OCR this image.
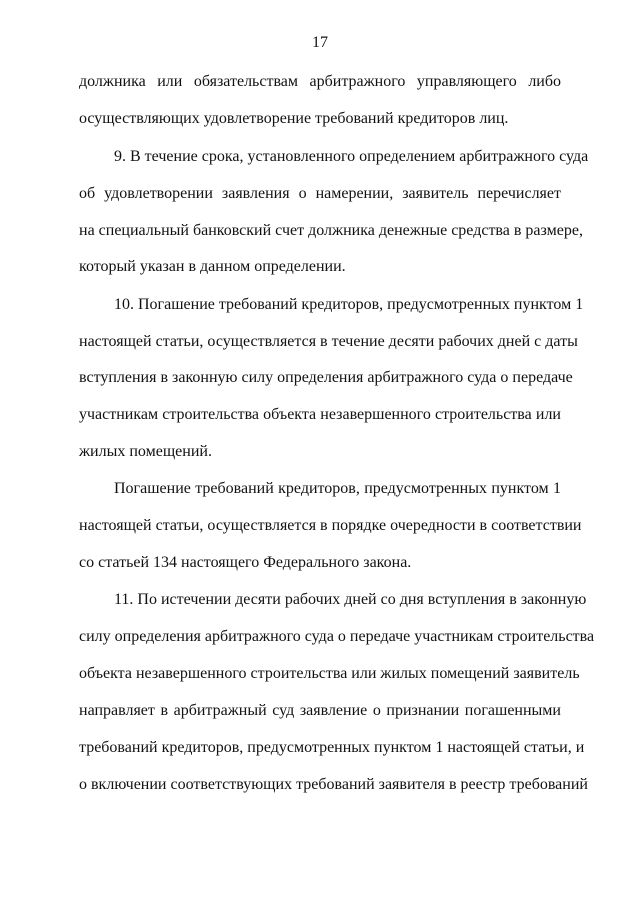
17
должника или обязательствам арбитражного управляющего либо
осуществляющих удовлетворение требований кредиторов лиц.
9. В течение срока, установленного определением арбитражного суда
об удовлетворении заявления о намерении, заявитель перечисляет
на специальный банковский счет должника денежные средства в размере,
который указан в данном определении.
10. Погашение требований кредиторов, предусмотренных пунктом 1
настоящей статьи, осуществляется в течение десяти рабочих дней с даты
вступления в законную силу определения арбитражного суда о передаче
участникам строительства объекта незавершенного строительства или
жилых помещений.
Погашение требований кредиторов, предусмотренных пунктом 1
настоящей статьи, осуществляется в порядке очередности в соответствии
со статьей 134 настоящего Федерального закона.
11. По истечении десяти рабочих дней со дня вступления в законную
силу определения арбитражного суда о передаче участникам строительства
объекта незавершенного строительства или жилых помещений заявитель
направляет в арбитражный суд заявление о признании погашенными
требований кредиторов, предусмотренных пунктом 1 настоящей статьи, и
о включении соответствующих требований заявителя в реестр требований
